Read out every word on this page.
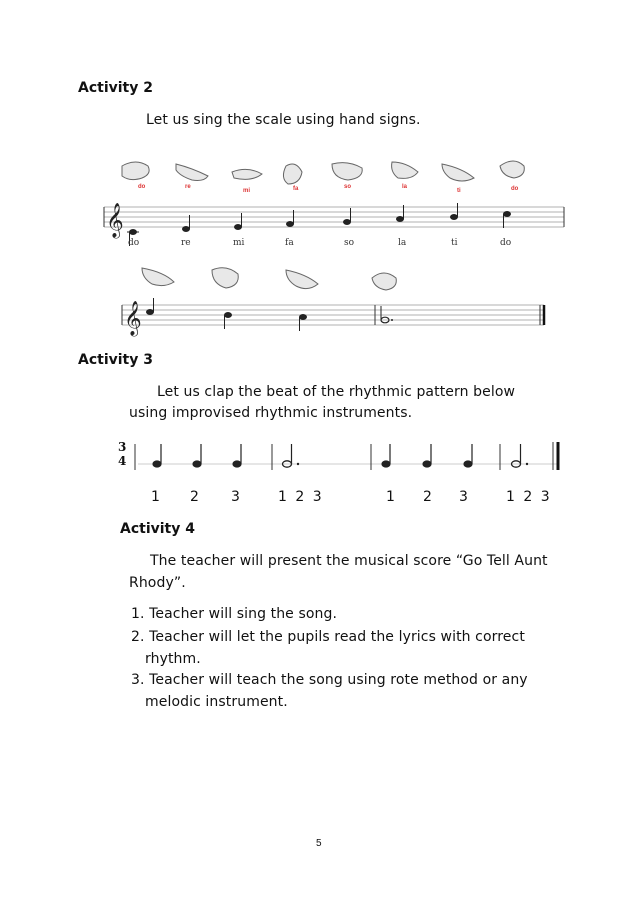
Activity 2
Let us sing the scale using hand signs.
do	re
mi	fa	so	la
ti	do
𝄞
do	re	mi	fa	so	la	ti	do
𝄞
Activity 3
Let us clap the beat of the rhythmic pattern below
using improvised rhythmic instruments.
3
4
1 2 3	1 2 3	1 2 3	1 2 3
Activity 4
The teacher will present the musical score “Go Tell Aunt
Rhody”.
1. Teacher will sing the song.
2. Teacher will let the pupils read the lyrics with correct
rhythm.
3. Teacher will teach the song using rote method or any
melodic instrument.
5
